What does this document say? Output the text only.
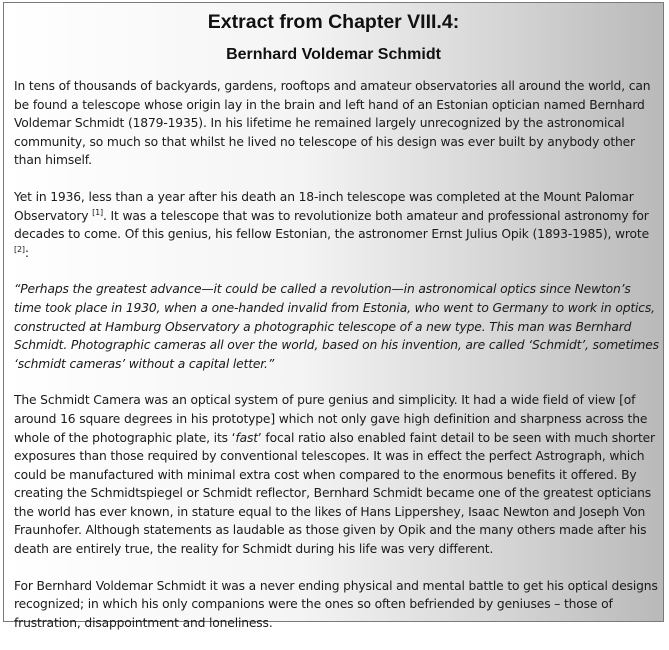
Extract from Chapter VIII.4:
Bernhard Voldemar Schmidt

In tens of thousands of backyards, gardens, rooftops and amateur observatories all around the world, can be found a telescope whose origin lay in the brain and left hand of an Estonian optician named Bernhard Voldemar Schmidt (1879-1935). In his lifetime he remained largely unrecognized by the astronomical community, so much so that whilst he lived no telescope of his design was ever built by anybody other than himself.

Yet in 1936, less than a year after his death an 18-inch telescope was completed at the Mount Palomar Observatory [1]. It was a telescope that was to revolutionize both amateur and professional astronomy for decades to come. Of this genius, his fellow Estonian, the astronomer Ernst Julius Opik (1893-1985), wrote [2]:

“Perhaps the greatest advance—it could be called a revolution—in astronomical optics since Newton’s time took place in 1930, when a one-handed invalid from Estonia, who went to Germany to work in optics, constructed at Hamburg Observatory a photographic telescope of a new type. This man was Bernhard Schmidt. Photographic cameras all over the world, based on his invention, are called ‘Schmidt’, sometimes ‘schmidt cameras’ without a capital letter.”

The Schmidt Camera was an optical system of pure genius and simplicity. It had a wide field of view [of around 16 square degrees in his prototype] which not only gave high definition and sharpness across the whole of the photographic plate, its ‘fast’ focal ratio also enabled faint detail to be seen with much shorter exposures than those required by conventional telescopes. It was in effect the perfect Astrograph, which could be manufactured with minimal extra cost when compared to the enormous benefits it offered. By creating the Schmidtspiegel or Schmidt reflector, Bernhard Schmidt became one of the greatest opticians the world has ever known, in stature equal to the likes of Hans Lippershey, Isaac Newton and Joseph Von Fraunhofer. Although statements as laudable as those given by Opik and the many others made after his death are entirely true, the reality for Schmidt during his life was very different.

For Bernhard Voldemar Schmidt it was a never ending physical and mental battle to get his optical designs recognized; in which his only companions were the ones so often befriended by geniuses – those of frustration, disappointment and loneliness.
